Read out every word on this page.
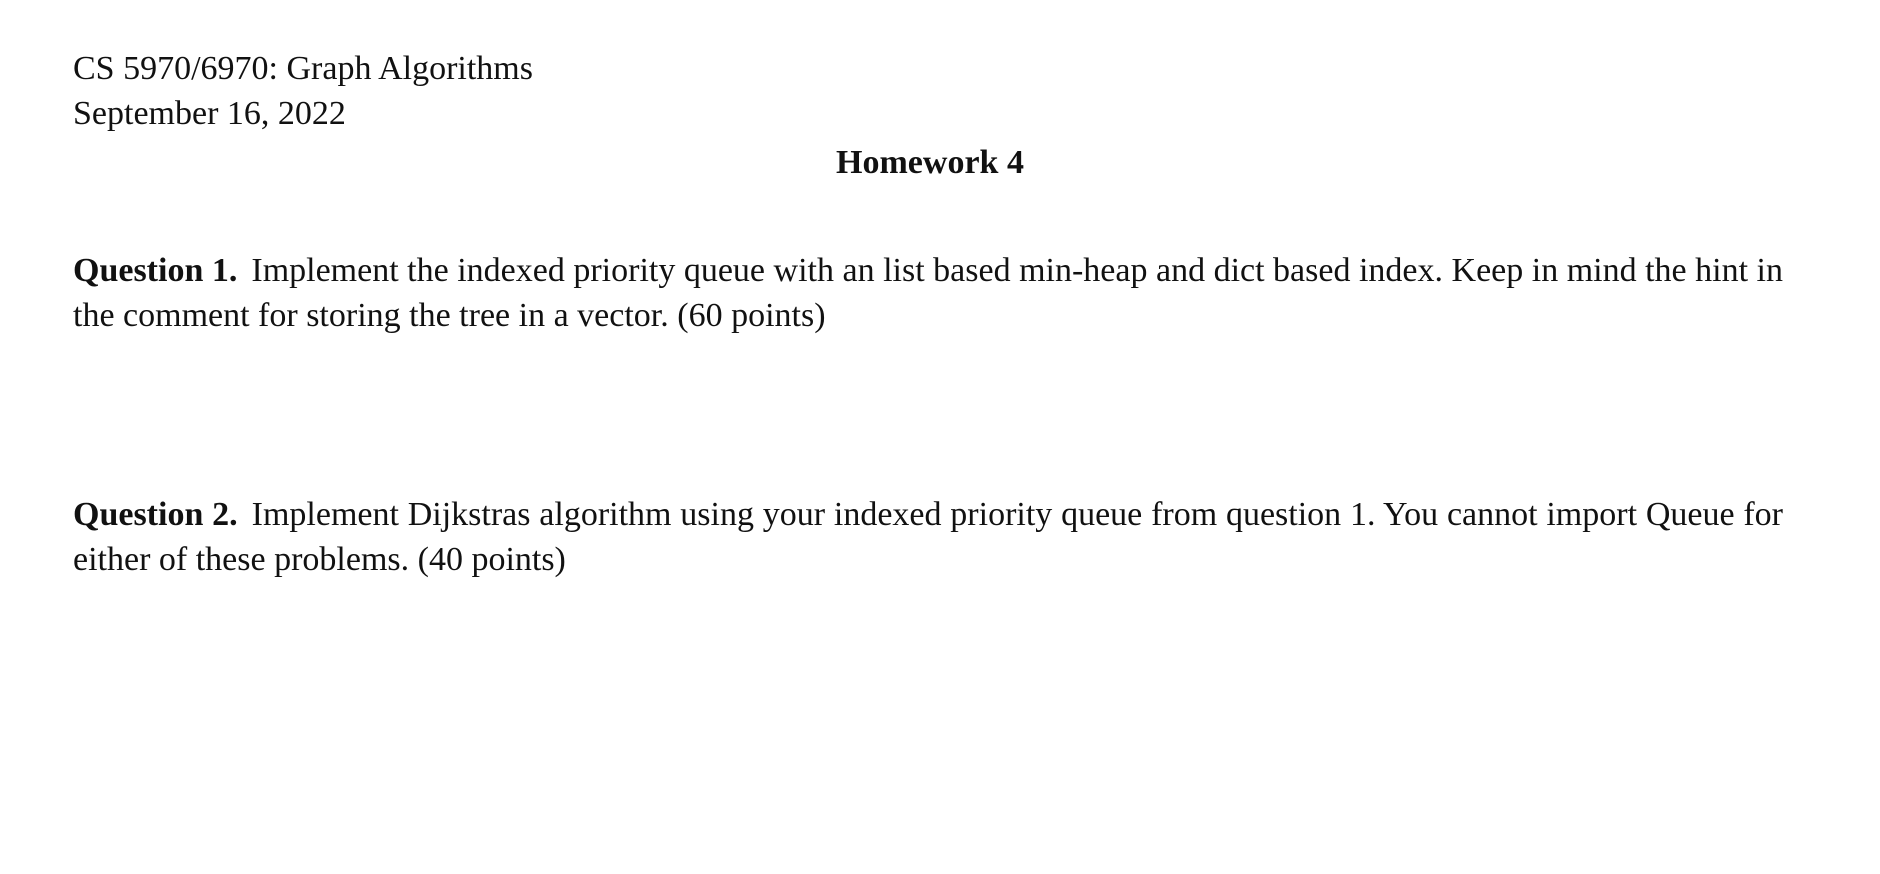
CS 5970/6970: Graph Algorithms
September 16, 2022
Homework 4
Question 1. Implement the indexed priority queue with an list based min-heap and dict based index. Keep in mind the hint in the comment for storing the tree in a vector. (60 points)
Question 2. Implement Dijkstras algorithm using your indexed priority queue from question 1. You cannot import Queue for either of these problems. (40 points)
